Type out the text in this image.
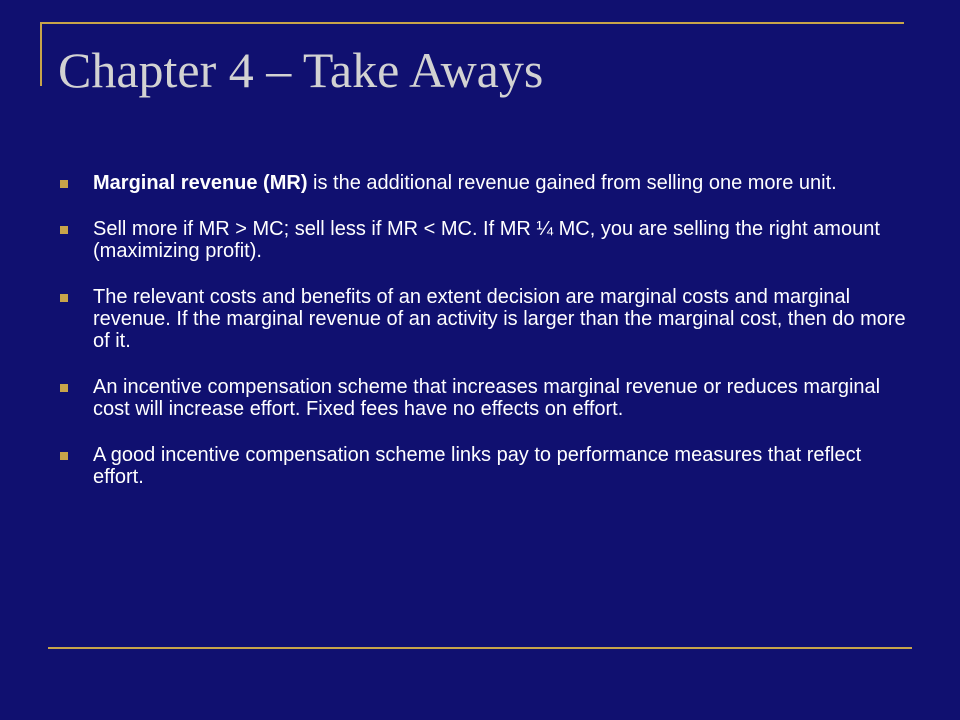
Chapter 4 – Take Aways
Marginal revenue (MR) is the additional revenue gained from selling one more unit.
Sell more if MR > MC; sell less if MR < MC. If MR ¼ MC, you are selling the right amount (maximizing profit).
The relevant costs and benefits of an extent decision are marginal costs and marginal revenue. If the marginal revenue of an activity is larger than the marginal cost, then do more of it.
An incentive compensation scheme that increases marginal revenue or reduces marginal cost will increase effort. Fixed fees have no effects on effort.
A good incentive compensation scheme links pay to performance measures that reflect effort.
